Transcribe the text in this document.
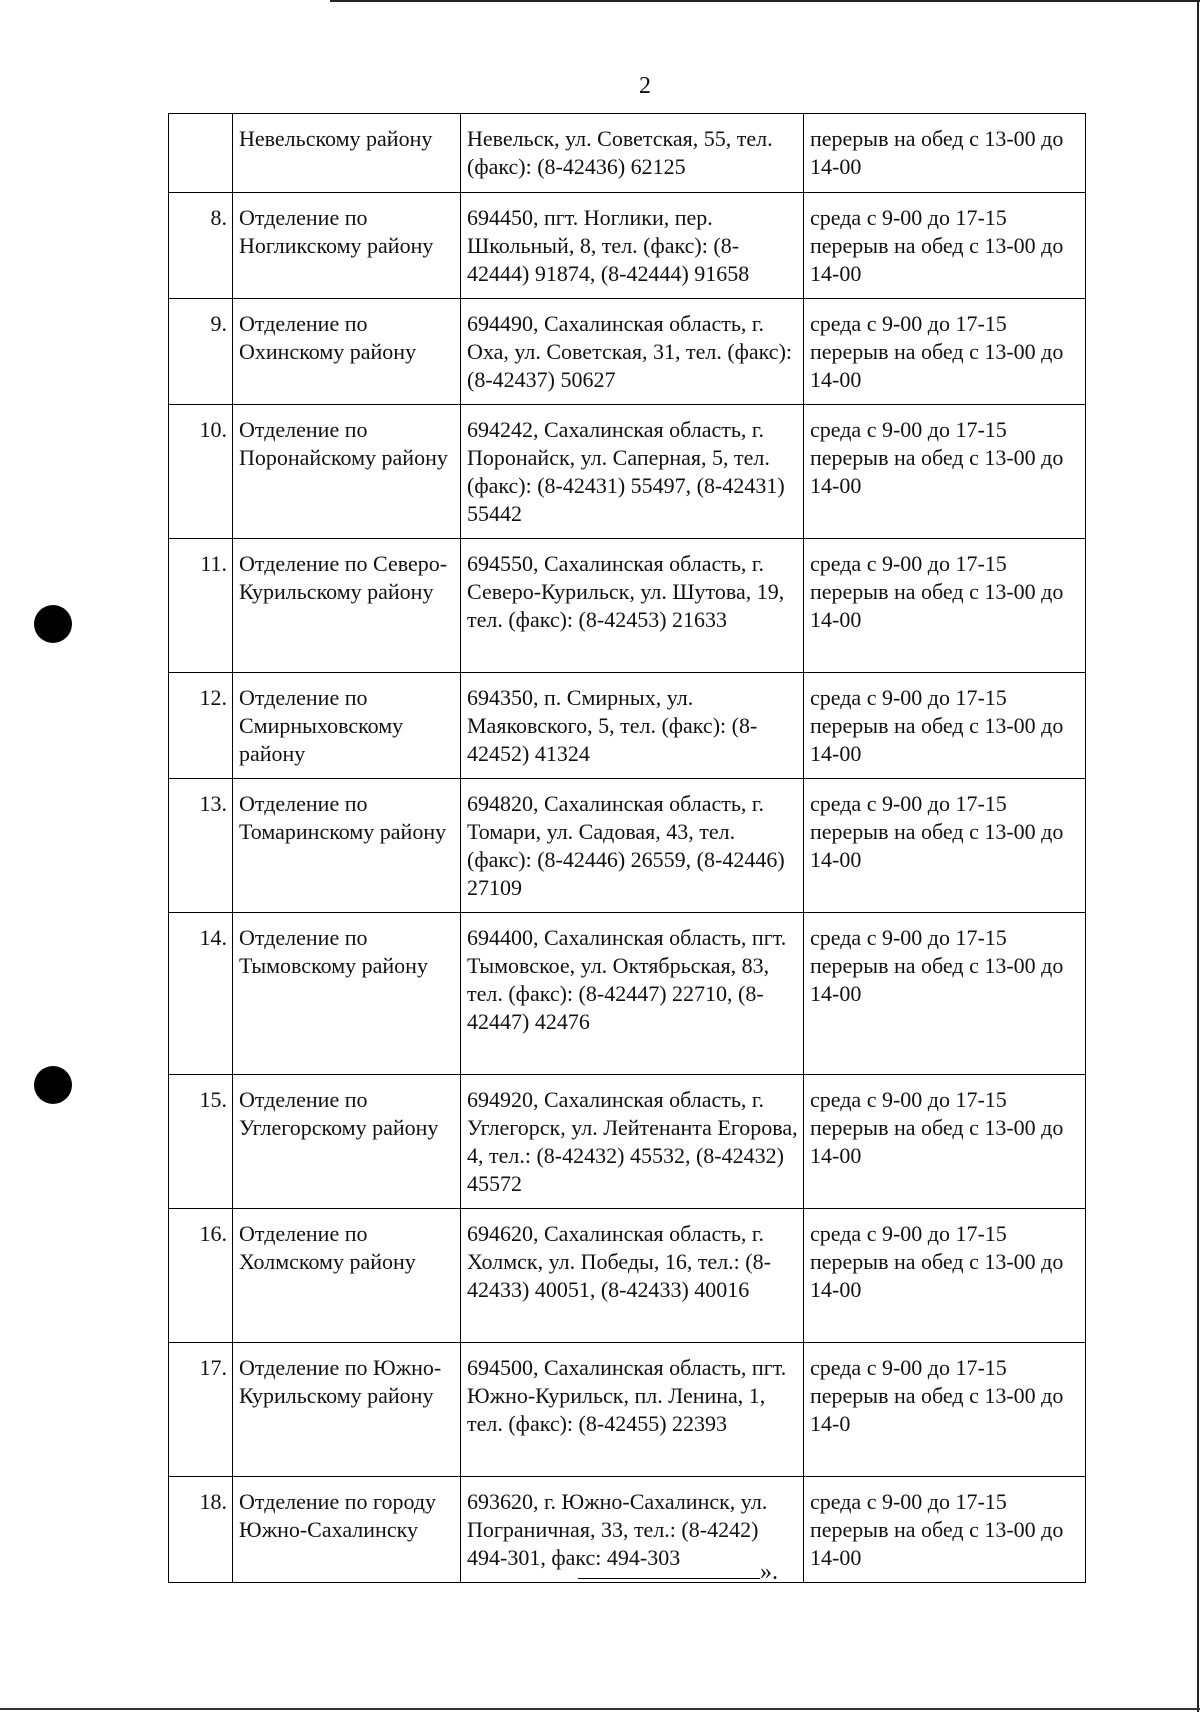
2
	Невельскому району	Невельск, ул. Советская, 55, тел. (факс): (8-42436) 62125	перерыв на обед с 13-00 до 14-00
8.	Отделение по Ногликскому району	694450, пгт. Ноглики, пер. Школьный, 8, тел. (факс): (8-42444) 91874, (8-42444) 91658	среда с 9-00 до 17-15 перерыв на обед с 13-00 до 14-00
9.	Отделение по Охинскому району	694490, Сахалинская область, г. Оха, ул. Советская, 31, тел. (факс): (8-42437) 50627	среда с 9-00 до 17-15 перерыв на обед с 13-00 до 14-00
10.	Отделение по Поронайскому району	694242, Сахалинская область, г. Поронайск, ул. Саперная, 5, тел. (факс): (8-42431) 55497, (8-42431) 55442	среда с 9-00 до 17-15 перерыв на обед с 13-00 до 14-00
11.	Отделение по Северо-Курильскому району	694550, Сахалинская область, г. Северо-Курильск, ул. Шутова, 19, тел. (факс): (8-42453) 21633	среда с 9-00 до 17-15 перерыв на обед с 13-00 до 14-00
12.	Отделение по Смирныховскому району	694350, п. Смирных, ул. Маяковского, 5, тел. (факс): (8-42452) 41324	среда с 9-00 до 17-15 перерыв на обед с 13-00 до 14-00
13.	Отделение по Томаринскому району	694820, Сахалинская область, г. Томари, ул. Садовая, 43, тел. (факс): (8-42446) 26559, (8-42446) 27109	среда с 9-00 до 17-15 перерыв на обед с 13-00 до 14-00
14.	Отделение по Тымовскому району	694400, Сахалинская область, пгт. Тымовское, ул. Октябрьская, 83, тел. (факс): (8-42447) 22710, (8-42447) 42476	среда с 9-00 до 17-15 перерыв на обед с 13-00 до 14-00
15.	Отделение по Углегорскому району	694920, Сахалинская область, г. Углегорск, ул. Лейтенанта Егорова, 4, тел.: (8-42432) 45532, (8-42432) 45572	среда с 9-00 до 17-15 перерыв на обед с 13-00 до 14-00
16.	Отделение по Холмскому району	694620, Сахалинская область, г. Холмск, ул. Победы, 16, тел.: (8-42433) 40051, (8-42433) 40016	среда с 9-00 до 17-15 перерыв на обед с 13-00 до 14-00
17.	Отделение по Южно-Курильскому району	694500, Сахалинская область, пгт. Южно-Курильск, пл. Ленина, 1, тел. (факс): (8-42455) 22393	среда с 9-00 до 17-15 перерыв на обед с 13-00 до 14-0
18.	Отделение по городу Южно-Сахалинску	693620, г. Южно-Сахалинск, ул. Пограничная, 33, тел.: (8-4242) 494-301, факс: 494-303	среда с 9-00 до 17-15 перерыв на обед с 13-00 до 14-00
».
